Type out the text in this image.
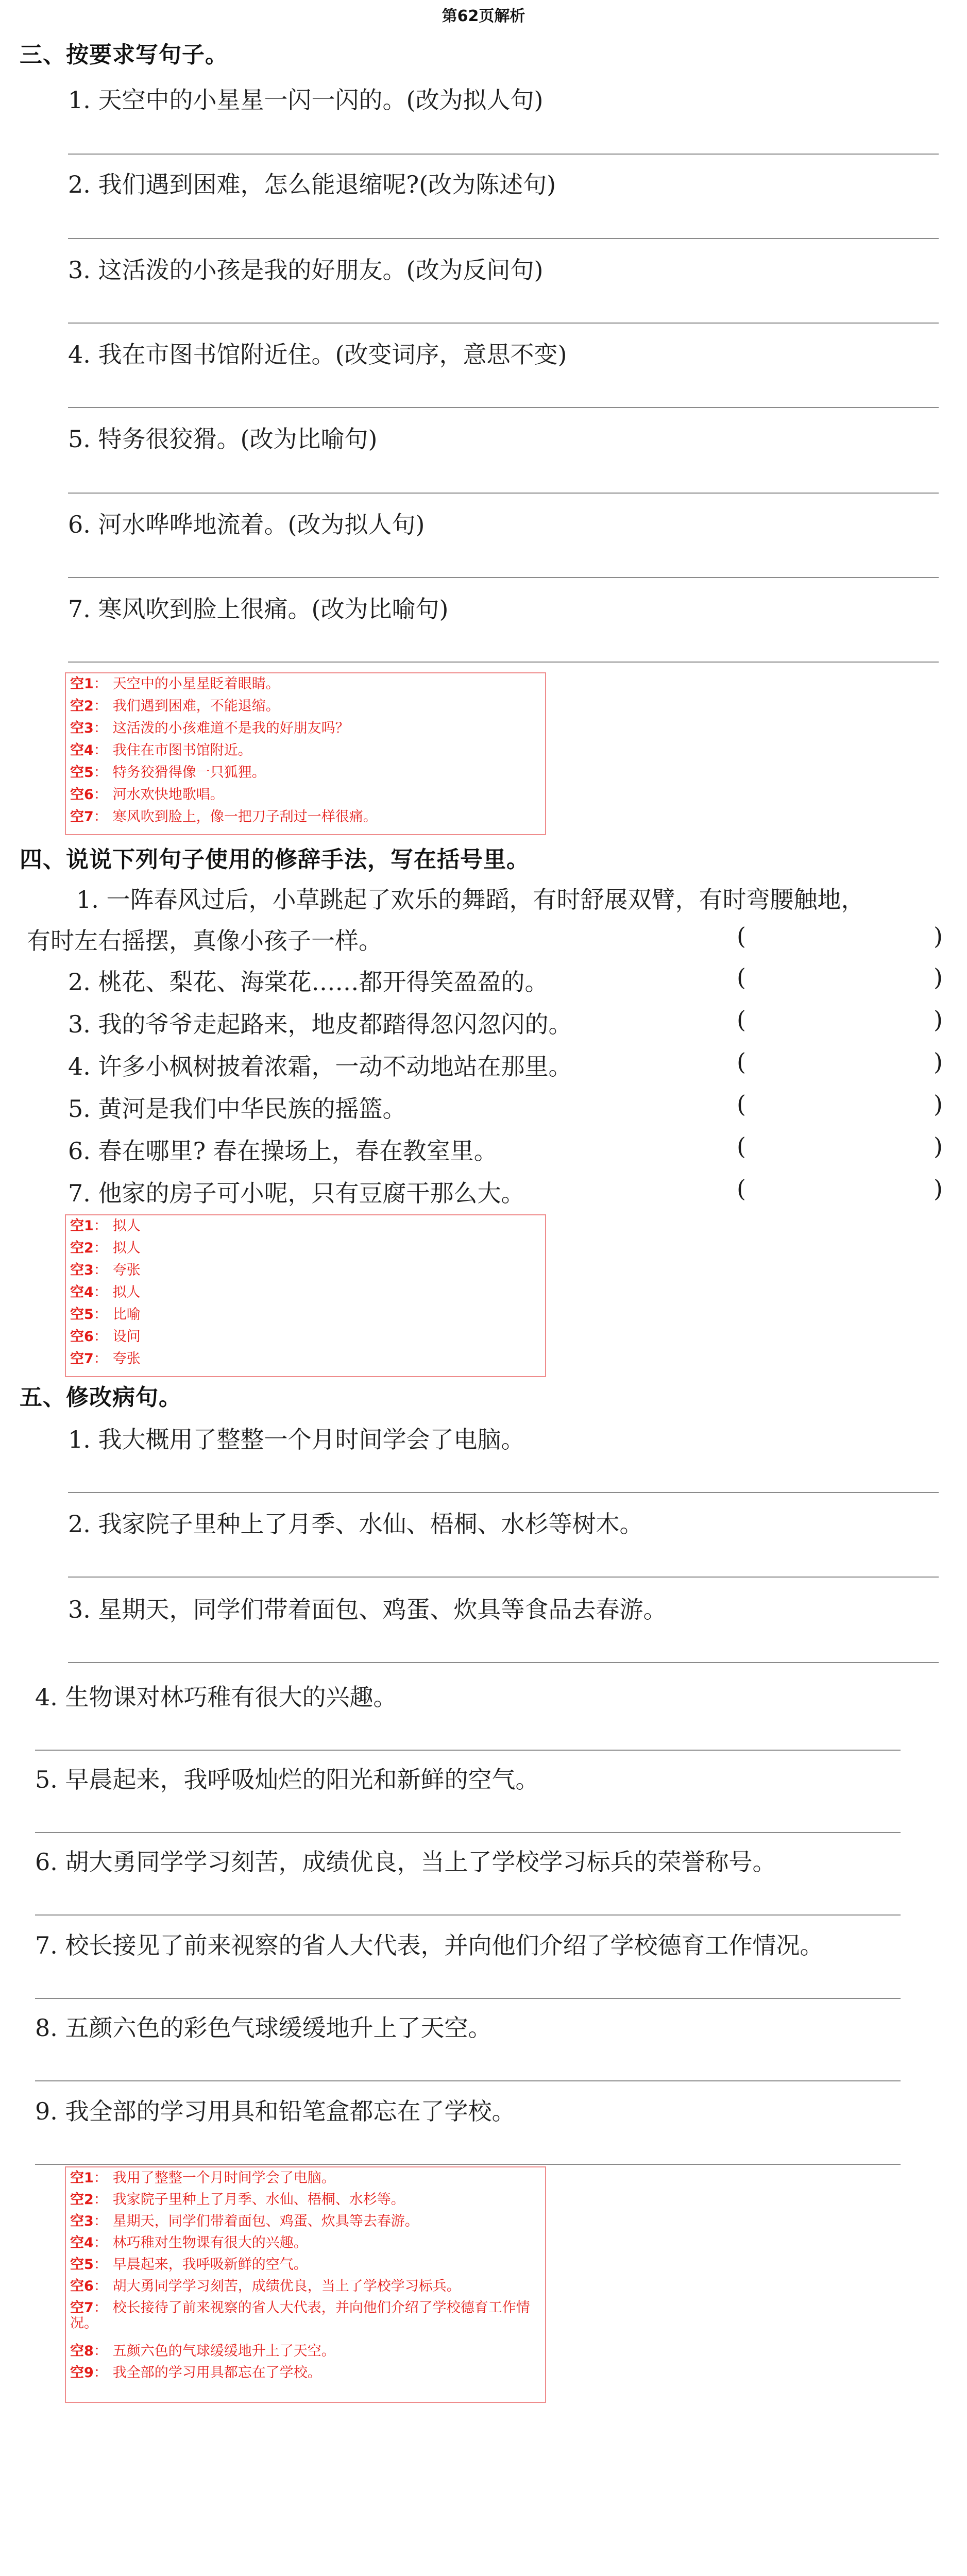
第62页解析
三、按要求写句子。
1. 天空中的小星星一闪一闪的。(改为拟人句)
2. 我们遇到困难，怎么能退缩呢?(改为陈述句)
3. 这活泼的小孩是我的好朋友。(改为反问句)
4. 我在市图书馆附近住。(改变词序，意思不变)
5. 特务很狡猾。(改为比喻句)
6. 河水哗哗地流着。(改为拟人句)
7. 寒风吹到脸上很痛。(改为比喻句)
空1 ： 天空中的小星星眨着眼睛。
空2 ： 我们遇到困难，不能退缩。
空3 ： 这活泼的小孩难道不是我的好朋友吗？
空4 ： 我住在市图书馆附近。
空5 ： 特务狡猾得像一只狐狸。
空6 ： 河水欢快地歌唱。
空7 ： 寒风吹到脸上，像一把刀子刮过一样很痛。
四、说说下列句子使用的修辞手法，写在括号里。
1. 一阵春风过后，小草跳起了欢乐的舞蹈，有时舒展双臂，有时弯腰触地，
有时左右摇摆，真像小孩子一样。	(	)
2. 桃花、梨花、海棠花……都开得笑盈盈的。	(	)
3. 我的爷爷走起路来，地皮都踏得忽闪忽闪的。	(	)
4. 许多小枫树披着浓霜，一动不动地站在那里。	(	)
5. 黄河是我们中华民族的摇篮。	(	)
6. 春在哪里? 春在操场上，春在教室里。	(	)
7. 他家的房子可小呢，只有豆腐干那么大。	(	)
空1 ： 拟人
空2 ： 拟人
空3 ： 夸张
空4 ： 拟人
空5 ： 比喻
空6 ： 设问
空7 ： 夸张
五、修改病句。
1. 我大概用了整整一个月时间学会了电脑。
2. 我家院子里种上了月季、水仙、梧桐、水杉等树木。
3. 星期天，同学们带着面包、鸡蛋、炊具等食品去春游。
4. 生物课对林巧稚有很大的兴趣。
5. 早晨起来，我呼吸灿烂的阳光和新鲜的空气。
6. 胡大勇同学学习刻苦，成绩优良，当上了学校学习标兵的荣誉称号。
7. 校长接见了前来视察的省人大代表，并向他们介绍了学校德育工作情况。
8. 五颜六色的彩色气球缓缓地升上了天空。
9. 我全部的学习用具和铅笔盒都忘在了学校。
空1 ： 我用了整整一个月时间学会了电脑。
空2 ： 我家院子里种上了月季、水仙、梧桐、水杉等。
空3 ： 星期天，同学们带着面包、鸡蛋、炊具等去春游。
空4 ： 林巧稚对生物课有很大的兴趣。
空5 ： 早晨起来，我呼吸新鲜的空气。
空6 ： 胡大勇同学学习刻苦，成绩优良，当上了学校学习标兵。
空7 ： 校长接待了前来视察的省人大代表，并向他们介绍了学校德育工作情况。
空8 ： 五颜六色的气球缓缓地升上了天空。
空9 ： 我全部的学习用具都忘在了学校。
